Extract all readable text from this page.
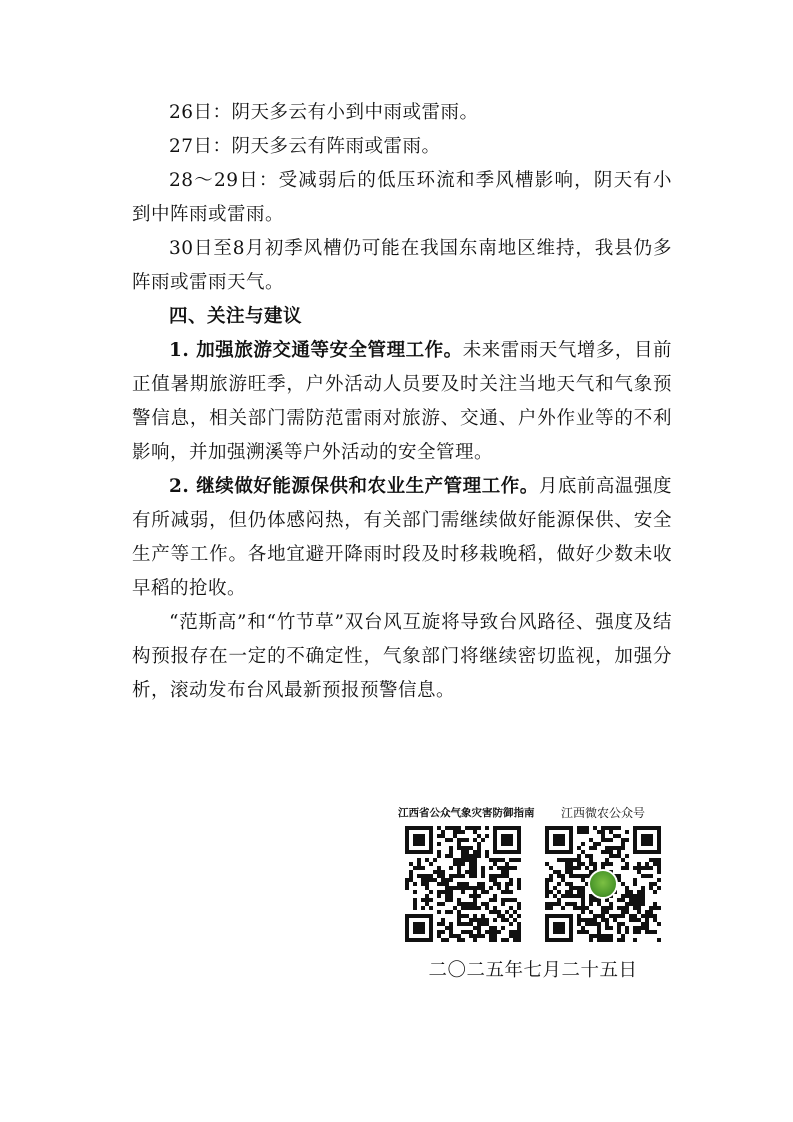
26日：阴天多云有小到中雨或雷雨。

27日：阴天多云有阵雨或雷雨。

28～29日：受减弱后的低压环流和季风槽影响，阴天有小到中阵雨或雷雨。

30日至8月初季风槽仍可能在我国东南地区维持，我县仍多阵雨或雷雨天气。

四、关注与建议

1. 加强旅游交通等安全管理工作。未来雷雨天气增多，目前正值暑期旅游旺季，户外活动人员要及时关注当地天气和气象预警信息，相关部门需防范雷雨对旅游、交通、户外作业等的不利影响，并加强溯溪等户外活动的安全管理。

2. 继续做好能源保供和农业生产管理工作。月底前高温强度有所减弱，但仍体感闷热，有关部门需继续做好能源保供、安全生产等工作。各地宜避开降雨时段及时移栽晚稻，做好少数未收早稻的抢收。

“范斯高”和“竹节草”双台风互旋将导致台风路径、强度及结构预报存在一定的不确定性，气象部门将继续密切监视，加强分析，滚动发布台风最新预报预警信息。

江西省公众气象灾害防御指南	江西微农公众号
二〇二五年七月二十五日
